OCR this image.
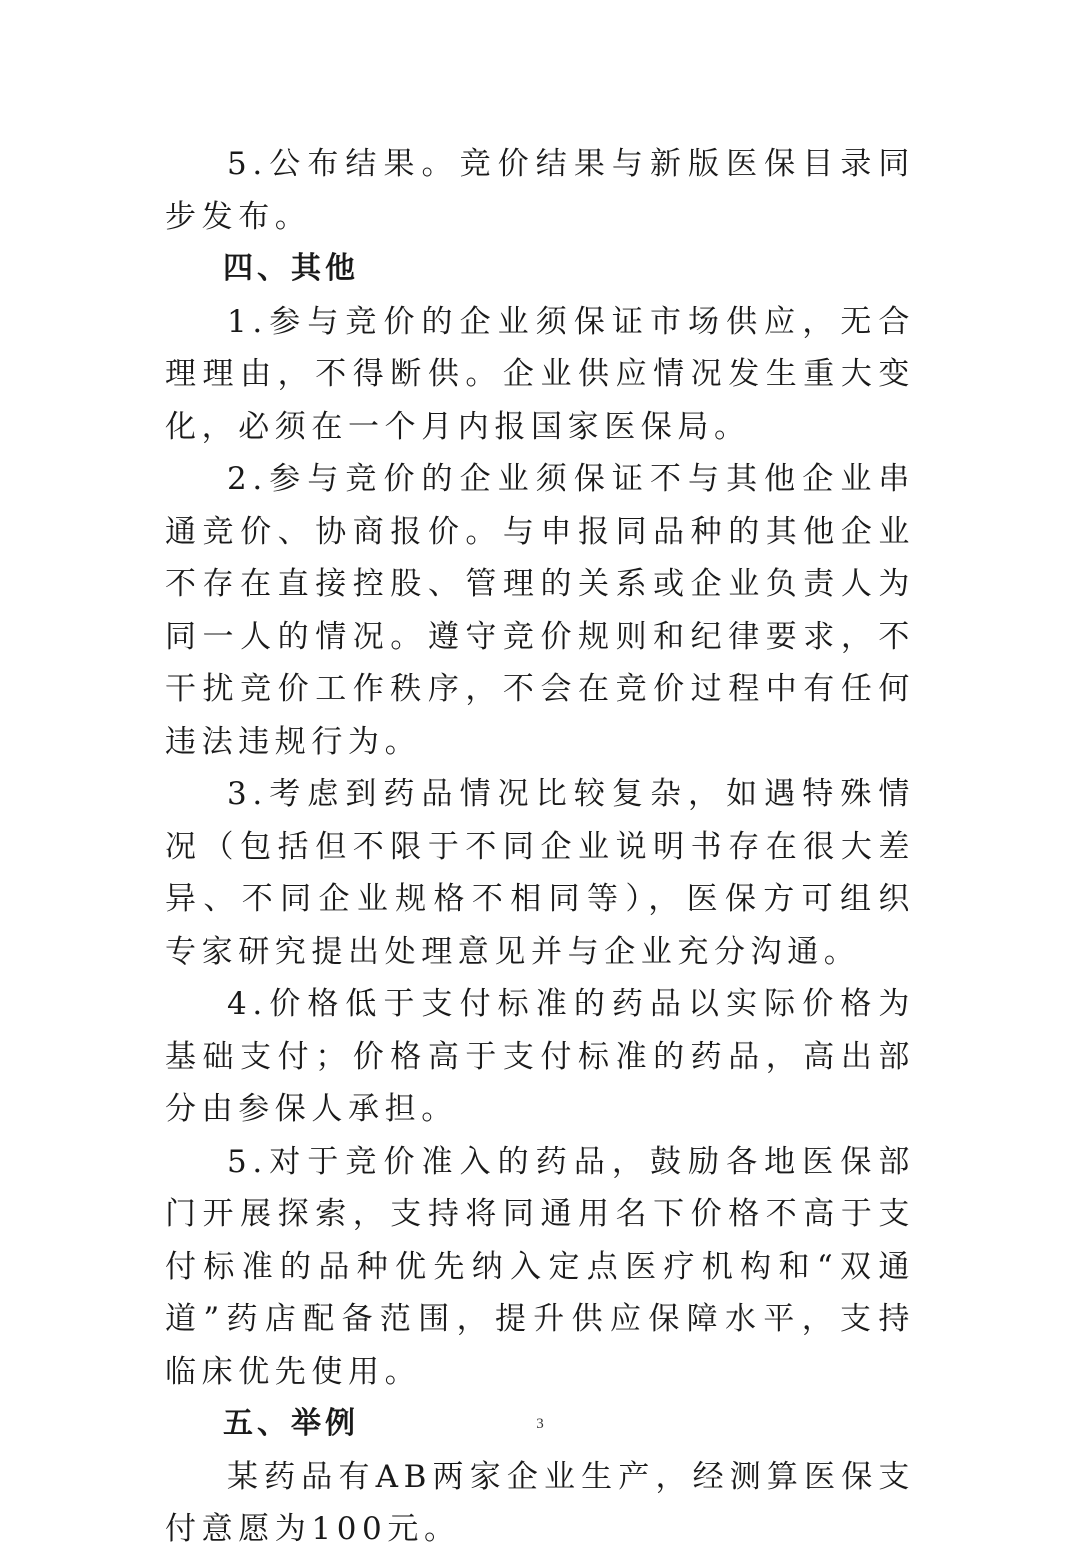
5.公布结果。竞价结果与新版医保目录同步发布。

四、其他

1.参与竞价的企业须保证市场供应，无合理理由，不得断供。企业供应情况发生重大变化，必须在一个月内报国家医保局。

2.参与竞价的企业须保证不与其他企业串通竞价、协商报价。与申报同品种的其他企业不存在直接控股、管理的关系或企业负责人为同一人的情况。遵守竞价规则和纪律要求，不干扰竞价工作秩序，不会在竞价过程中有任何违法违规行为。

3.考虑到药品情况比较复杂，如遇特殊情况（包括但不限于不同企业说明书存在很大差异、不同企业规格不相同等），医保方可组织专家研究提出处理意见并与企业充分沟通。

4.价格低于支付标准的药品以实际价格为基础支付；价格高于支付标准的药品，高出部分由参保人承担。

5.对于竞价准入的药品，鼓励各地医保部门开展探索，支持将同通用名下价格不高于支付标准的品种优先纳入定点医疗机构和“双通道”药店配备范围，提升供应保障水平，支持临床优先使用。

五、举例

某药品有AB两家企业生产，经测算医保支付意愿为100元。

3
